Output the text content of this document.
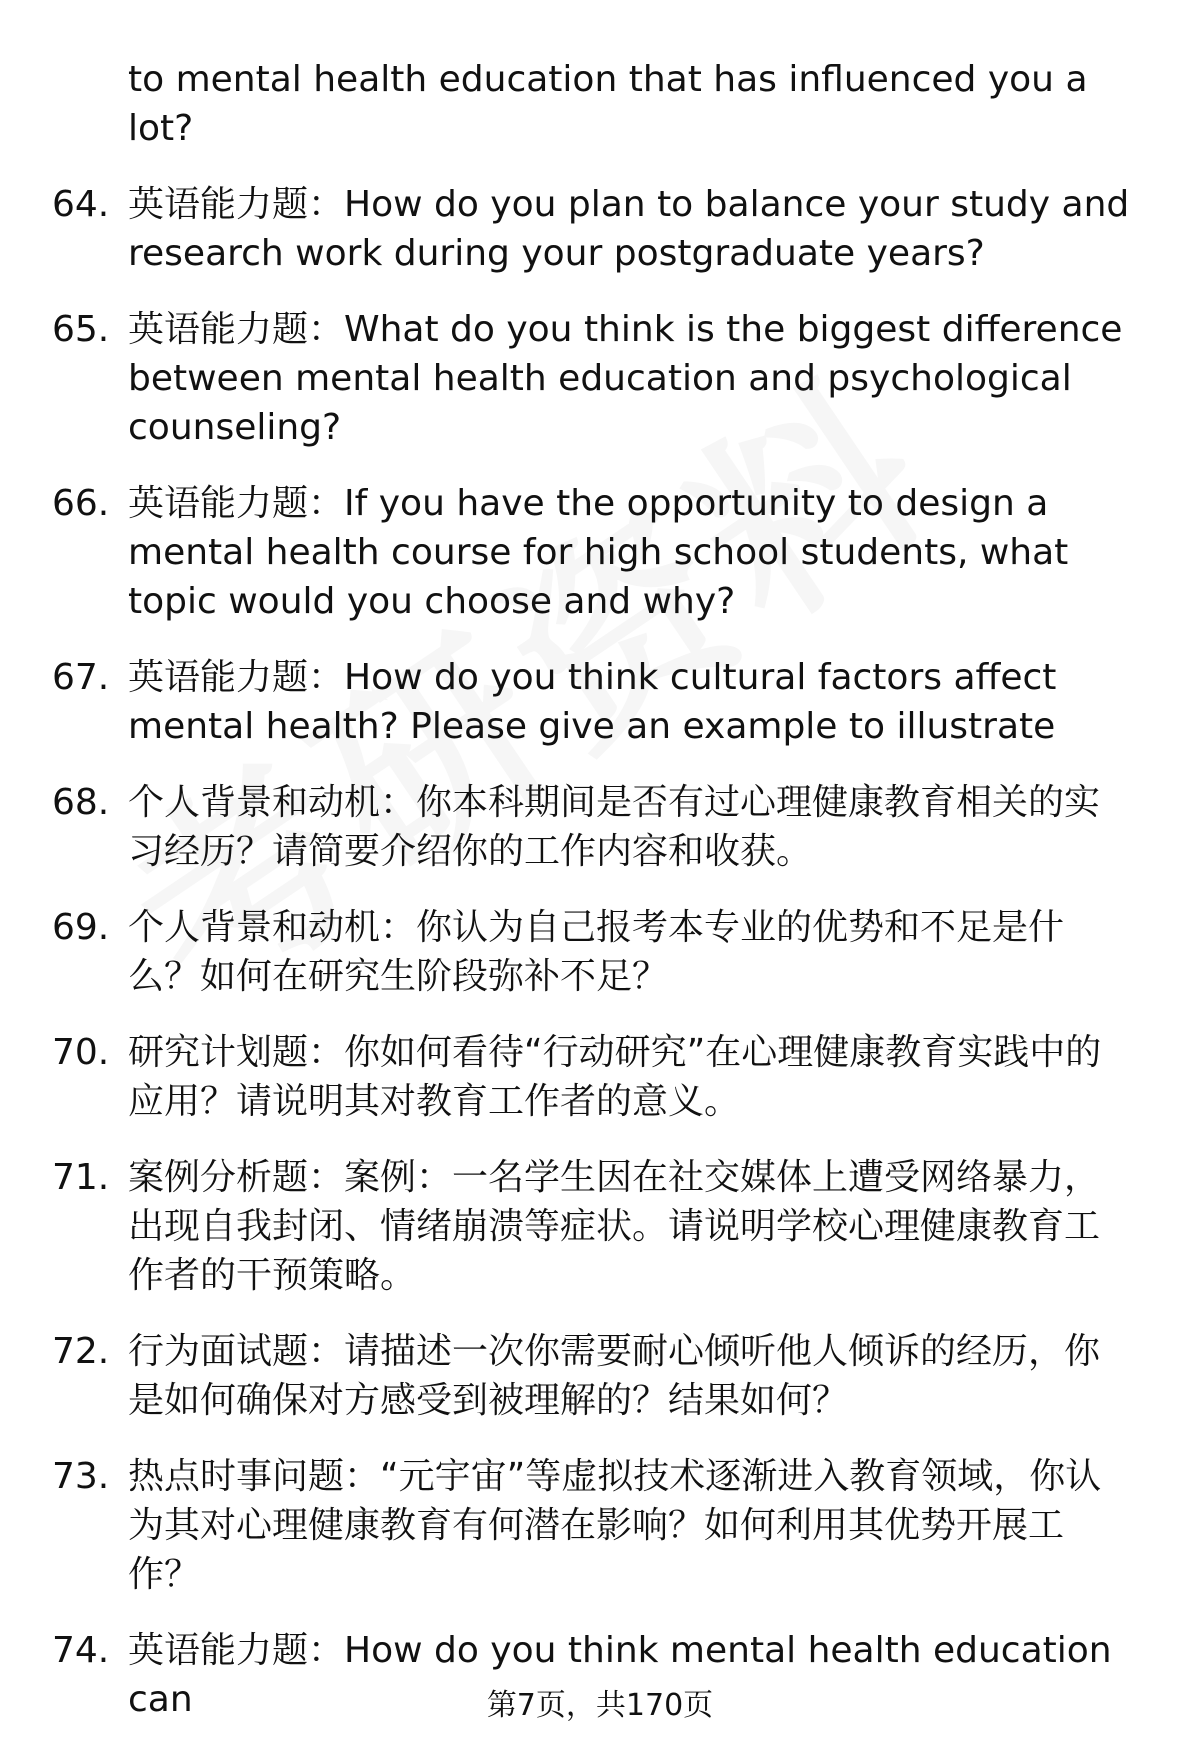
to mental health education that has influenced you a lot?
64. 英语能力题：How do you plan to balance your study and research work during your postgraduate years?
65. 英语能力题：What do you think is the biggest difference between mental health education and psychological counseling?
66. 英语能力题：If you have the opportunity to design a mental health course for high school students, what topic would you choose and why?
67. 英语能力题：How do you think cultural factors affect mental health? Please give an example to illustrate
68. 个人背景和动机：你本科期间是否有过心理健康教育相关的实习经历？请简要介绍你的工作内容和收获。
69. 个人背景和动机：你认为自己报考本专业的优势和不足是什么？如何在研究生阶段弥补不足？
70. 研究计划题：你如何看待“行动研究”在心理健康教育实践中的应用？请说明其对教育工作者的意义。
71. 案例分析题：案例：一名学生因在社交媒体上遭受网络暴力，出现自我封闭、情绪崩溃等症状。请说明学校心理健康教育工作者的干预策略。
72. 行为面试题：请描述一次你需要耐心倾听他人倾诉的经历，你是如何确保对方感受到被理解的？结果如何？
73. 热点时事问题：“元宇宙”等虚拟技术逐渐进入教育领域，你认为其对心理健康教育有何潜在影响？如何利用其优势开展工作？
74. 英语能力题：How do you think mental health education can	第7页，共170页
